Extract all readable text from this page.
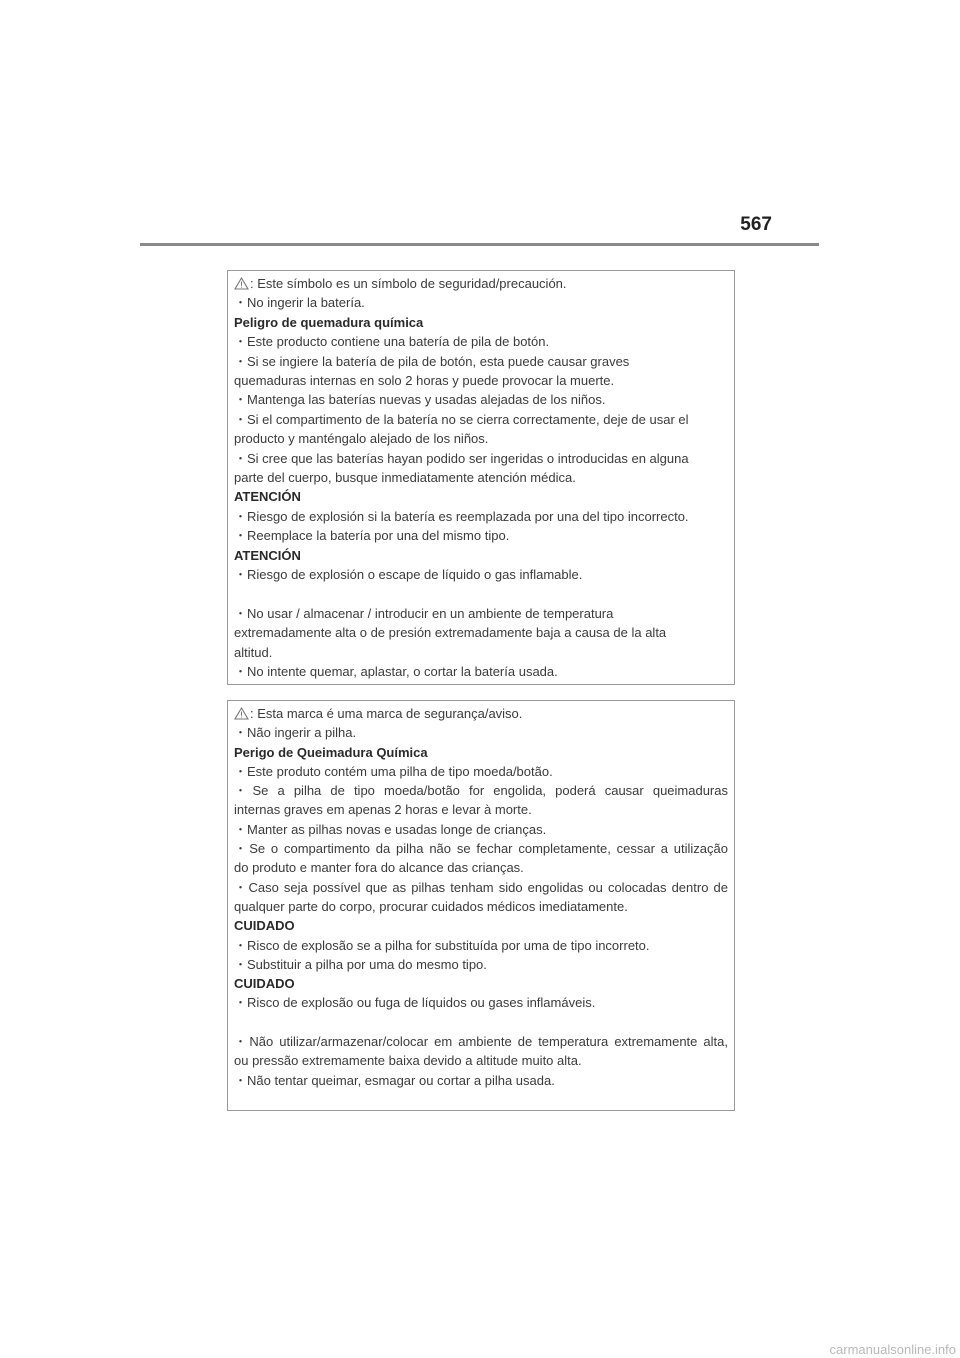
567
: Este símbolo es un símbolo de seguridad/precaución.
・No ingerir la batería.
Peligro de quemadura química
・Este producto contiene una batería de pila de botón.
・Si se ingiere la batería de pila de botón, esta puede causar graves
quemaduras internas en solo 2 horas y puede provocar la muerte.
・Mantenga las baterías nuevas y usadas alejadas de los niños.
・Si el compartimento de la batería no se cierra correctamente, deje de usar el
producto y manténgalo alejado de los niños.
・Si cree que las baterías hayan podido ser ingeridas o introducidas en alguna
parte del cuerpo, busque inmediatamente atención médica.
ATENCIÓN
・Riesgo de explosión si la batería es reemplazada por una del tipo incorrecto.
・Reemplace la batería por una del mismo tipo.
ATENCIÓN
・Riesgo de explosión o escape de líquido o gas inflamable.
・No usar / almacenar / introducir en un ambiente de temperatura
extremadamente alta o de presión extremadamente baja a causa de la alta
altitud.
・No intente quemar, aplastar, o cortar la batería usada.
: Esta marca é uma marca de segurança/aviso.
・Não ingerir a pilha.
Perigo de Queimadura Química
・Este produto contém uma pilha de tipo moeda/botão.
・Se a pilha de tipo moeda/botão for engolida, poderá causar queimaduras
internas graves em apenas 2 horas e levar à morte.
・Manter as pilhas novas e usadas longe de crianças.
・Se o compartimento da pilha não se fechar completamente, cessar a utilização
do produto e manter fora do alcance das crianças.
・Caso seja possível que as pilhas tenham sido engolidas ou colocadas dentro de
qualquer parte do corpo, procurar cuidados médicos imediatamente.
CUIDADO
・Risco de explosão se a pilha for substituída por uma de tipo incorreto.
・Substituir a pilha por uma do mesmo tipo.
CUIDADO
・Risco de explosão ou fuga de líquidos ou gases inflamáveis.
・Não utilizar/armazenar/colocar em ambiente de temperatura extremamente alta,
ou pressão extremamente baixa devido a altitude muito alta.
・Não tentar queimar, esmagar ou cortar a pilha usada.
carmanualsonline.info
